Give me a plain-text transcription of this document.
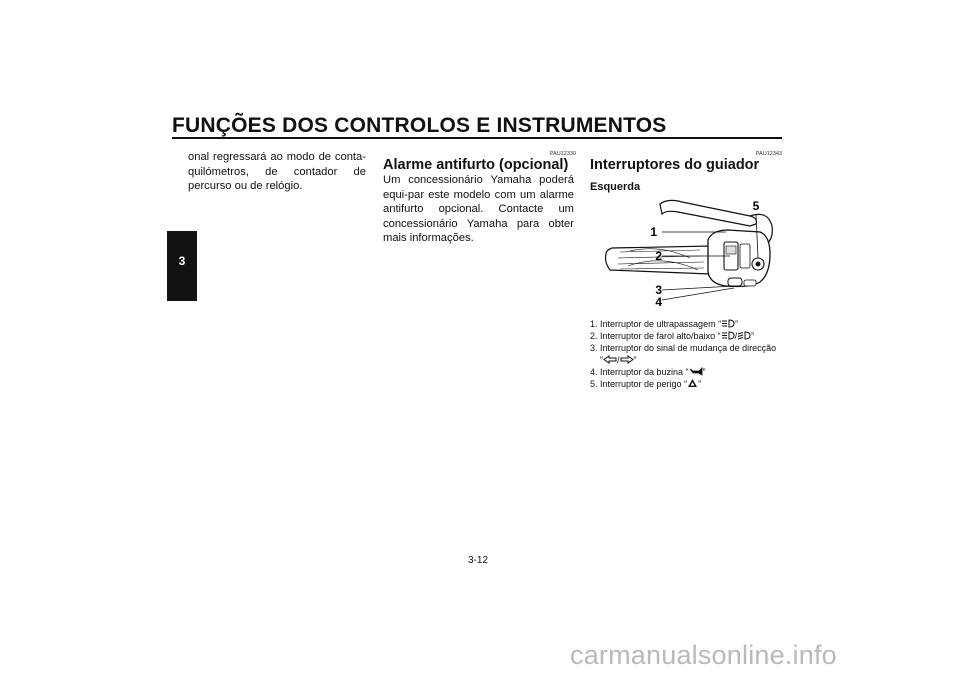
FUNÇÕES DOS CONTROLOS E INSTRUMENTOS
3
onal regressará ao modo de conta-quilómetros, de contador de percurso ou de relógio.
PAU12330
Alarme antifurto (opcional)
Um concessionário Yamaha poderá equi-par este modelo com um alarme antifurto opcional. Contacte um concessionário Yamaha para obter mais informações.
PAU12343
Interruptores do guiador
Esquerda
1
2
3
4
5
1. Interruptor de ultrapassagem “ ”
2. Interruptor de farol alto/baixo “ / ”
3. Interruptor do sinal de mudança de direcção
“ / ”
4. Interruptor da buzina “ ”
5. Interruptor de perigo “ ”
3-12
carmanualsonline.info
